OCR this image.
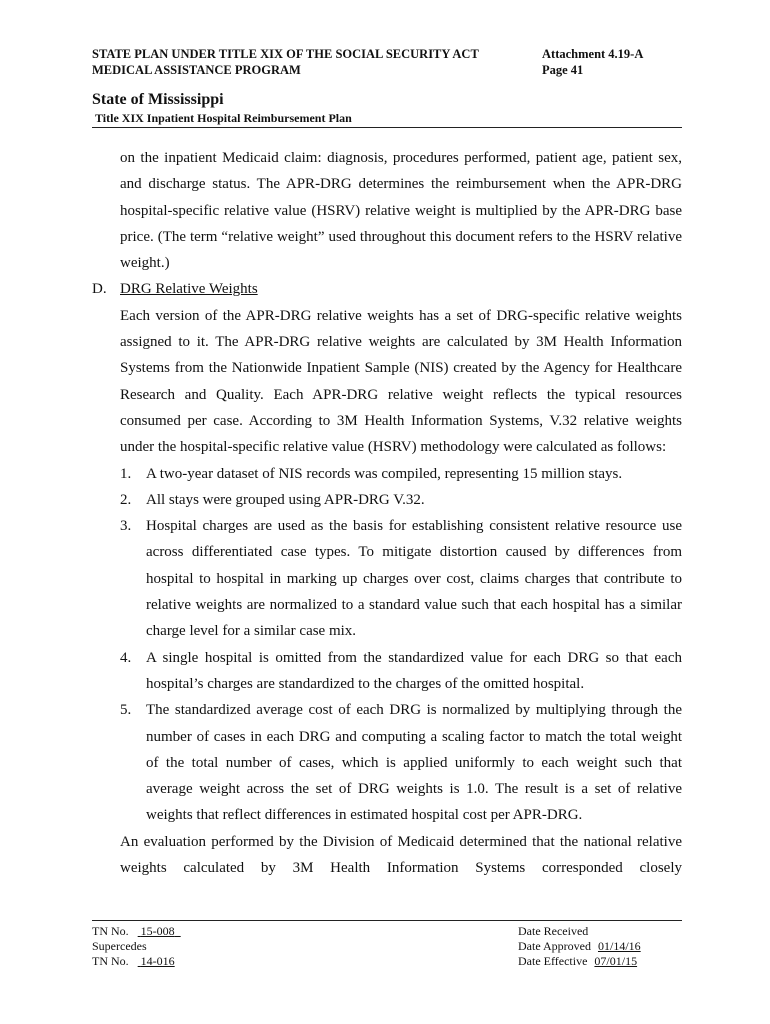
STATE PLAN UNDER TITLE XIX OF THE SOCIAL SECURITY ACT
MEDICAL ASSISTANCE PROGRAM
Attachment 4.19-A
Page 41
State of Mississippi
Title XIX Inpatient Hospital Reimbursement Plan
on the inpatient Medicaid claim: diagnosis, procedures performed, patient age, patient sex,
and discharge status. The APR-DRG determines the reimbursement when the APR-DRG
hospital-specific relative value (HSRV) relative weight is multiplied by the APR-DRG base
price. (The term “relative weight” used throughout this document refers to the HSRV relative
weight.)
D. DRG Relative Weights
Each version of the APR-DRG relative weights has a set of DRG-specific relative weights
assigned to it. The APR-DRG relative weights are calculated by 3M Health Information
Systems from the Nationwide Inpatient Sample (NIS) created by the Agency for Healthcare
Research and Quality. Each APR-DRG relative weight reflects the typical resources
consumed per case. According to 3M Health Information Systems, V.32 relative weights
under the hospital-specific relative value (HSRV) methodology were calculated as follows:
1. A two-year dataset of NIS records was compiled, representing 15 million stays.
2. All stays were grouped using APR-DRG V.32.
3. Hospital charges are used as the basis for establishing consistent relative resource use
across differentiated case types. To mitigate distortion caused by differences from
hospital to hospital in marking up charges over cost, claims charges that contribute to
relative weights are normalized to a standard value such that each hospital has a similar
charge level for a similar case mix.
4. A single hospital is omitted from the standardized value for each DRG so that each
hospital’s charges are standardized to the charges of the omitted hospital.
5. The standardized average cost of each DRG is normalized by multiplying through the
number of cases in each DRG and computing a scaling factor to match the total weight
of the total number of cases, which is applied uniformly to each weight such that
average weight across the set of DRG weights is 1.0. The result is a set of relative
weights that reflect differences in estimated hospital cost per APR-DRG.
An evaluation performed by the Division of Medicaid determined that the national relative
weights calculated by 3M Health Information Systems corresponded closely
TN No. 15-008
Supercedes
TN No. 14-016
Date Received
Date Approved 01/14/16
Date Effective 07/01/15
